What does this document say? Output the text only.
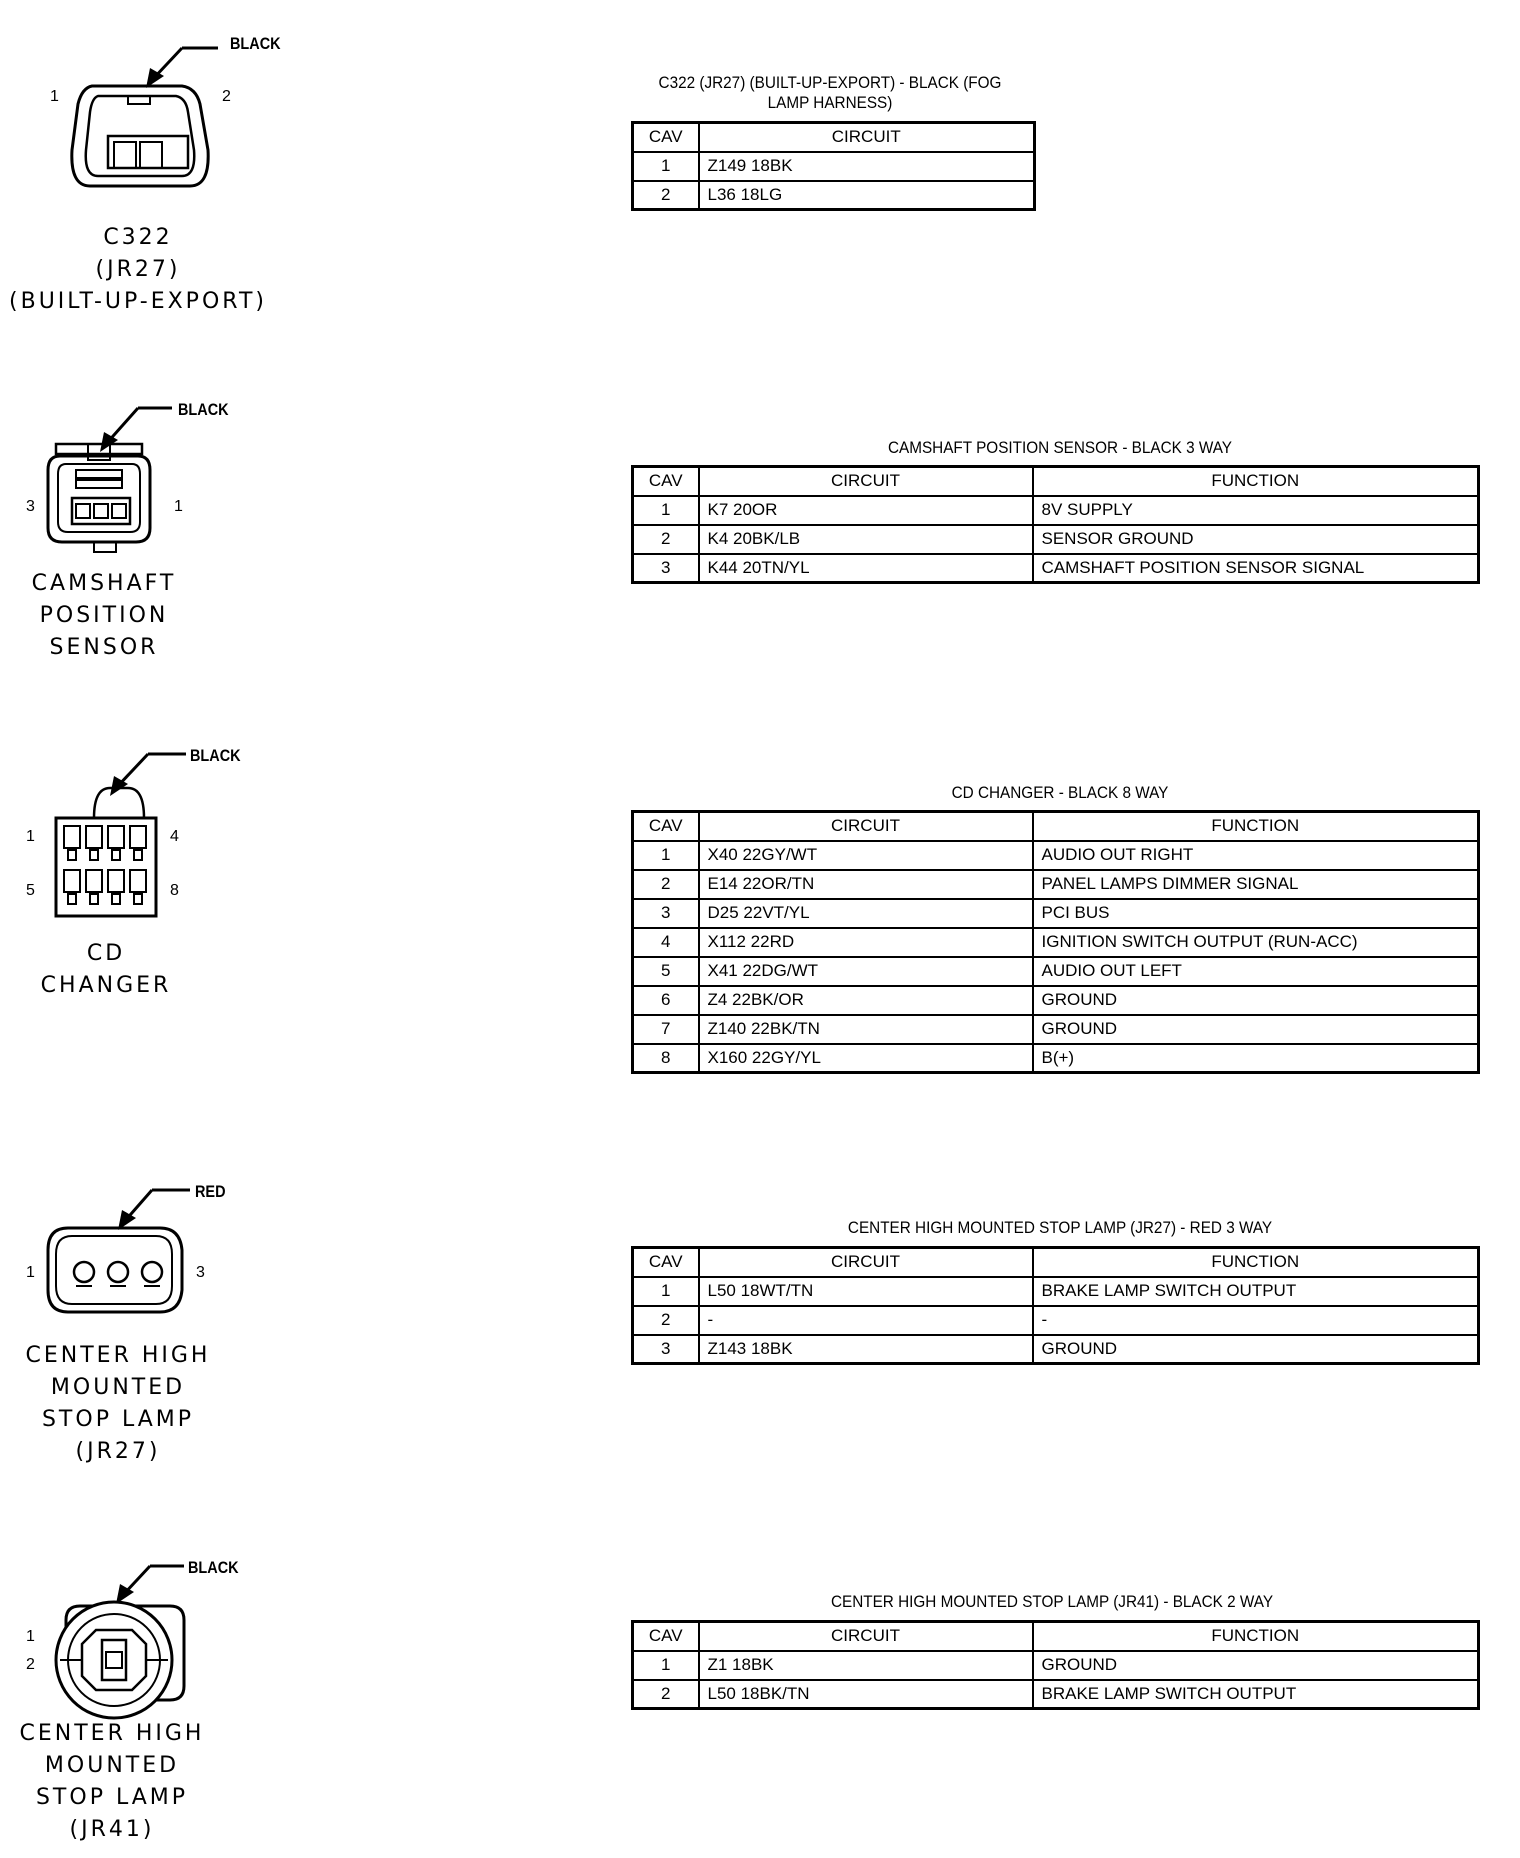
BLACK
1	2
C322
(JR27)
(BUILT-UP-EXPORT)
C322 (JR27) (BUILT-UP-EXPORT) - BLACK (FOG
LAMP HARNESS)
CAV	CIRCUIT
1	Z149 18BK
2	L36 18LG
BLACK
3	1
CAMSHAFT
POSITION
SENSOR
CAMSHAFT POSITION SENSOR - BLACK 3 WAY
CAV	CIRCUIT	FUNCTION
1	K7 20OR	8V SUPPLY
2	K4 20BK/LB	SENSOR GROUND
3	K44 20TN/YL	CAMSHAFT POSITION SENSOR SIGNAL
BLACK
1	4
5	8
CD
CHANGER
CD CHANGER - BLACK 8 WAY
CAV	CIRCUIT	FUNCTION
1	X40 22GY/WT	AUDIO OUT RIGHT
2	E14 22OR/TN	PANEL LAMPS DIMMER SIGNAL
3	D25 22VT/YL	PCI BUS
4	X112 22RD	IGNITION SWITCH OUTPUT (RUN-ACC)
5	X41 22DG/WT	AUDIO OUT LEFT
6	Z4 22BK/OR	GROUND
7	Z140 22BK/TN	GROUND
8	X160 22GY/YL	B(+)
RED
1	3
CENTER HIGH
MOUNTED
STOP LAMP
(JR27)
CENTER HIGH MOUNTED STOP LAMP (JR27) - RED 3 WAY
CAV	CIRCUIT	FUNCTION
1	L50 18WT/TN	BRAKE LAMP SWITCH OUTPUT
2	-	-
3	Z143 18BK	GROUND
BLACK
1
2
CENTER HIGH
MOUNTED
STOP LAMP
(JR41)
CENTER HIGH MOUNTED STOP LAMP (JR41) - BLACK 2 WAY
CAV	CIRCUIT	FUNCTION
1	Z1 18BK	GROUND
2	L50 18BK/TN	BRAKE LAMP SWITCH OUTPUT
